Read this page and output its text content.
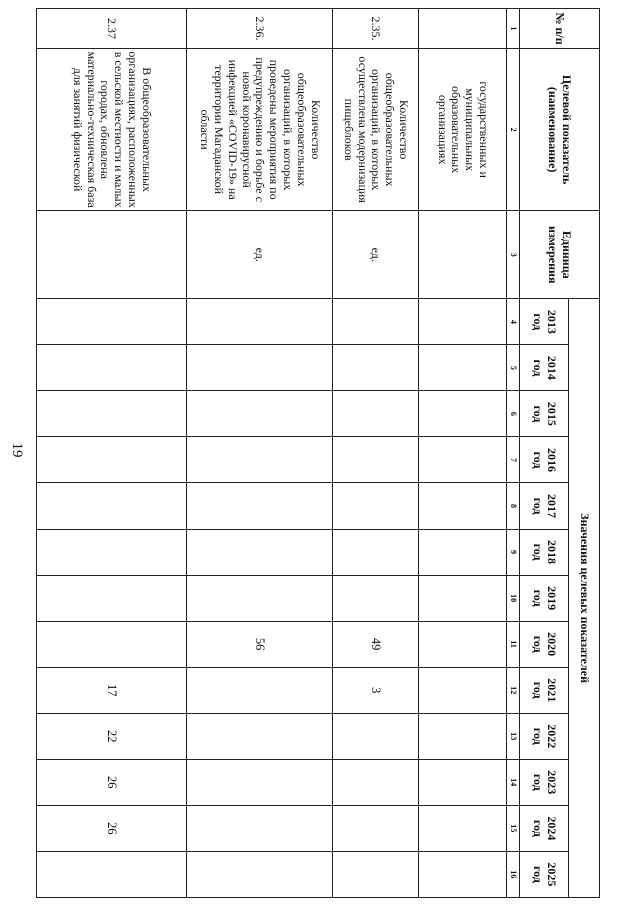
19
№ п/п	Целевой показатель (наименование)	Единица измерения	Значения целевых показателей												
			2013 год	2014 год	2015 год	2016 год	2017 год	2018 год	2019 год	2020 год	2021 год	2022 год	2023 год	2024 год	2025 год
1	2	3	4	5	6	7	8	9	10	11	12	13	14	15	16
	государственных и муниципальных образовательных организациях														
2.35.	Количество общеобразовательных организаций, в которых осуществлена модернизация пищеблоков	ед.								49	3				
2.36.	Количество общеобразовательных организаций, в которых проведены мероприятия по предупреждению и борьбе с новой коронавирусной инфекцией «COVID-19» на территории Магаданской области	ед.								56					
2.37	В общеобразовательных организациях, расположенных в сельской местности и малых городах, обновлена материально-техническая база для занятий физической										17	22	26	26	
